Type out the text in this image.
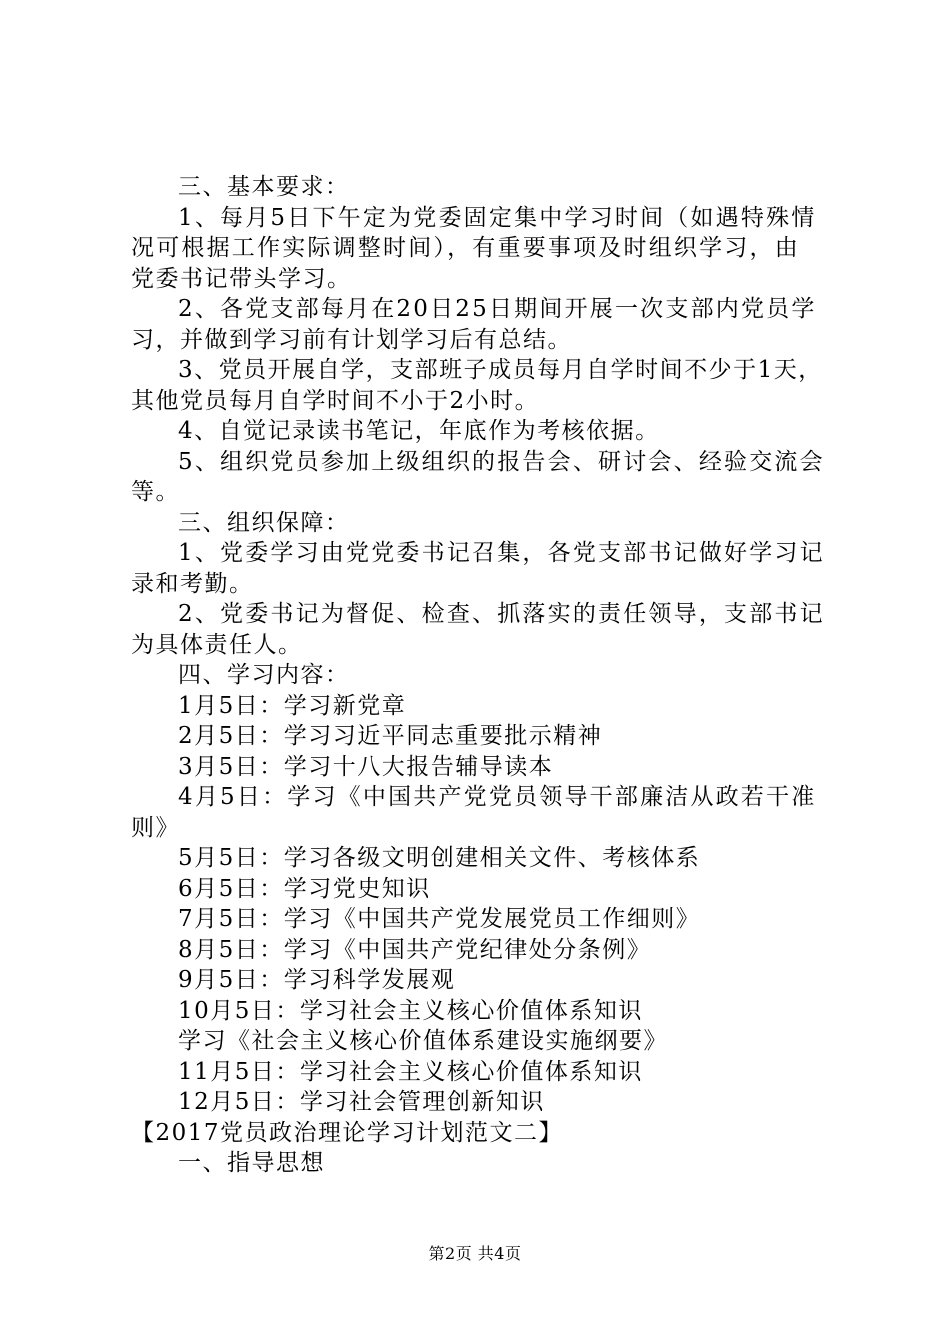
三、基本要求：
1、每月5日下午定为党委固定集中学习时间（如遇特殊情
况可根据工作实际调整时间），有重要事项及时组织学习，由
党委书记带头学习。
2、各党支部每月在20日25日期间开展一次支部内党员学
习，并做到学习前有计划学习后有总结。
3、党员开展自学，支部班子成员每月自学时间不少于1天，
其他党员每月自学时间不小于2小时。
4、自觉记录读书笔记，年底作为考核依据。
5、组织党员参加上级组织的报告会、研讨会、经验交流会
等。
三、组织保障：
1、党委学习由党党委书记召集，各党支部书记做好学习记
录和考勤。
2、党委书记为督促、检查、抓落实的责任领导，支部书记
为具体责任人。
四、学习内容：
1月5日：学习新党章
2月5日：学习习近平同志重要批示精神
3月5日：学习十八大报告辅导读本
4月5日：学习《中国共产党党员领导干部廉洁从政若干准
则》
5月5日：学习各级文明创建相关文件、考核体系
6月5日：学习党史知识
7月5日：学习《中国共产党发展党员工作细则》
8月5日：学习《中国共产党纪律处分条例》
9月5日：学习科学发展观
10月5日：学习社会主义核心价值体系知识
学习《社会主义核心价值体系建设实施纲要》
11月5日：学习社会主义核心价值体系知识
12月5日：学习社会管理创新知识
【2017党员政治理论学习计划范文二】
一、指导思想
第2页 共4页
